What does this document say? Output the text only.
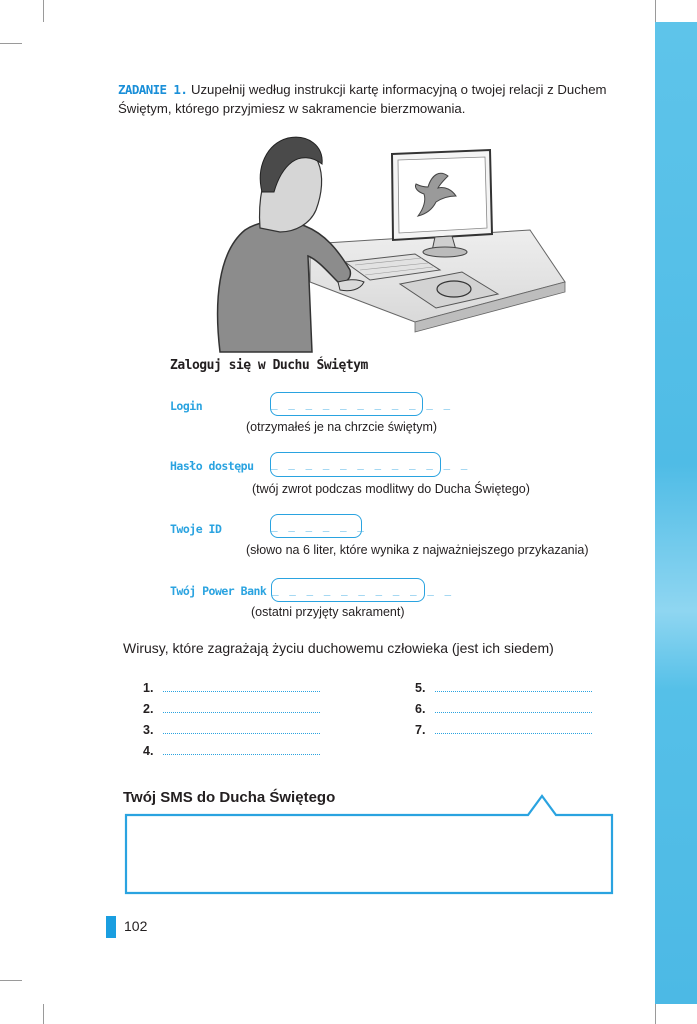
ZADANIE 1. Uzupełnij według instrukcji kartę informacyjną o twojej relacji z Duchem Świętym, którego przyjmiesz w sakramencie bierzmowania.
Zaloguj się w Duchu Świętym
Login	_ _ _ _ _ _ _ _ _ _ _
(otrzymałeś je na chrzcie świętym)
Hasło dostępu _ _ _ _ _ _ _ _ _ _ _ _
(twój zwrot podczas modlitwy do Ducha Świętego)
Twoje ID	_ _ _ _ _ _
(słowo na 6 liter, które wynika z najważniejszego przykazania)
Twój Power Bank _ _ _ _ _ _ _ _ _ _ _
(ostatni przyjęty sakrament)
Wirusy, które zagrażają życiu duchowemu człowieka (jest ich siedem)
1.
2.
3.
4.
5.
6.
7.
Twój SMS do Ducha Świętego
102
